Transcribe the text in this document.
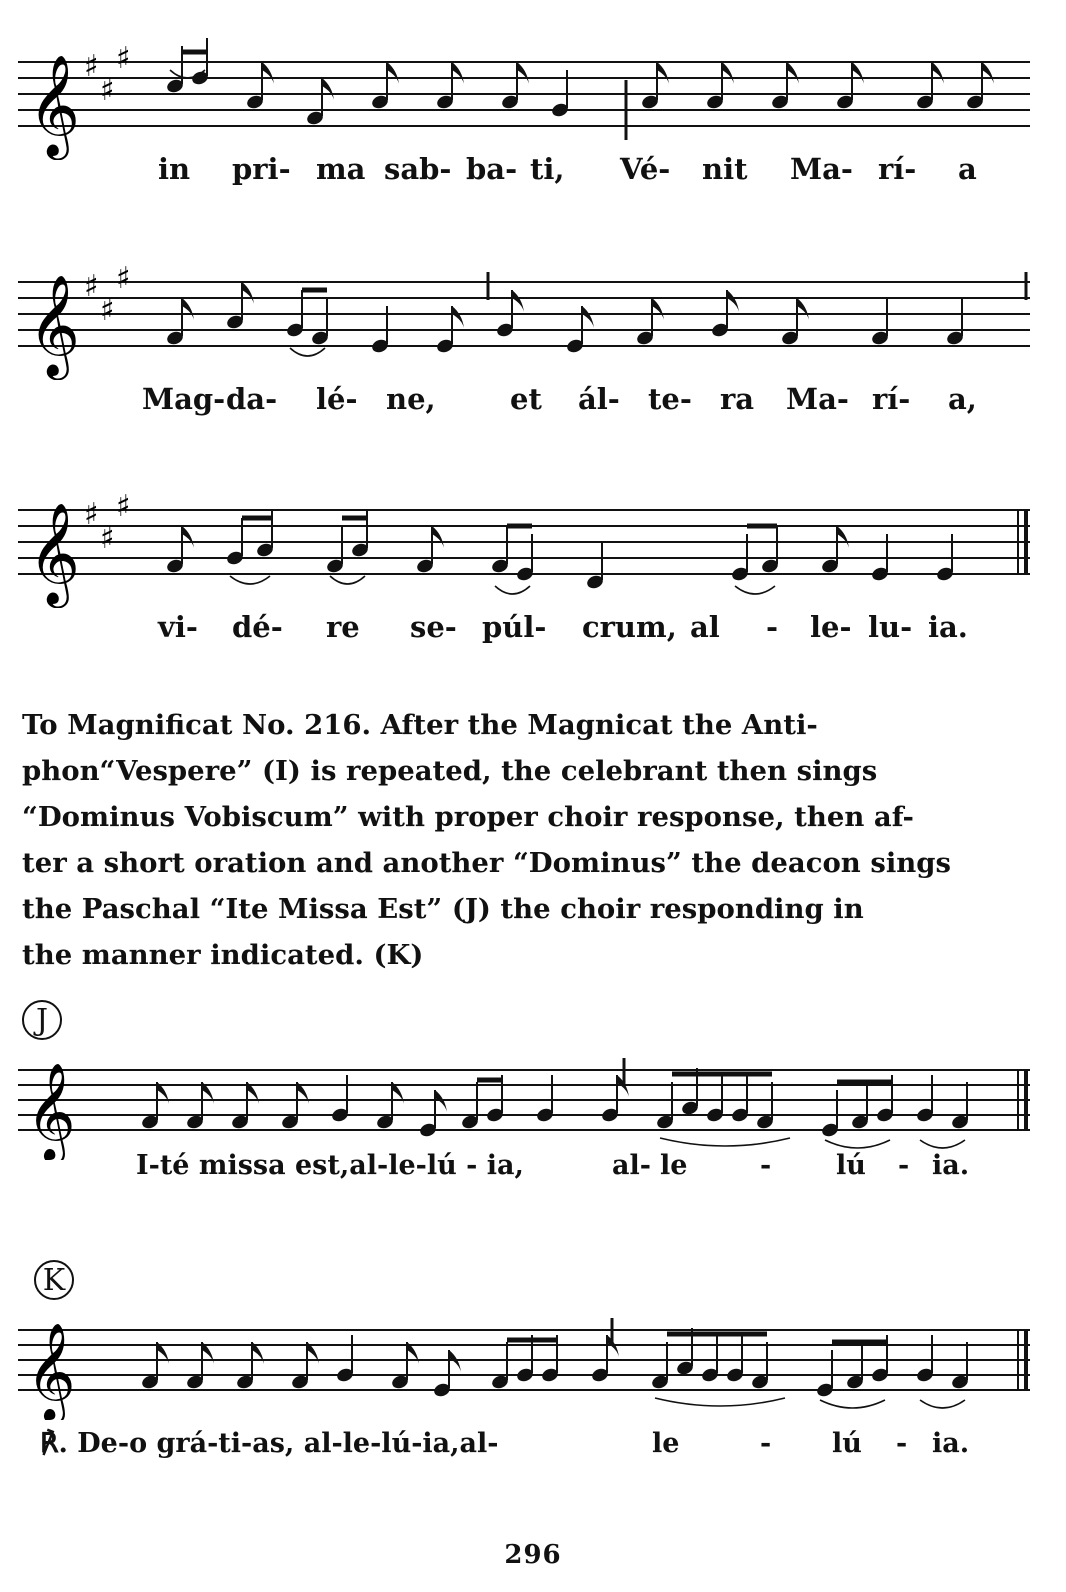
𝄞 ♯
♯
♯
in pri- ma sab- ba- ti, Vé- nit Ma- rí- a
𝄞 ♯
♯
♯
Mag- da- lé- ne,	et ál- te- ra Ma- rí- a,
𝄞 ♯
♯
♯
vi- dé- re se- púl- crum, al - le- lu- ia.
To Magnificat No. 216. After the Magnicat the Anti-
phon“Vespere” (I) is repeated, the celebrant then sings
“Dominus Vobiscum” with proper choir response, then af-
ter a short oration and another “Dominus” the deacon sings
the Paschal “Ite Missa Est” (J) the choir responding in
the manner indicated. (K)
J
𝄞
I-té missa est,al-le-lú - ia,	al- le	- lú - ia.
K
𝄞
℟. De-o grá-ti-as, al-le-lú-ia,al-	le	- lú - ia.
296
